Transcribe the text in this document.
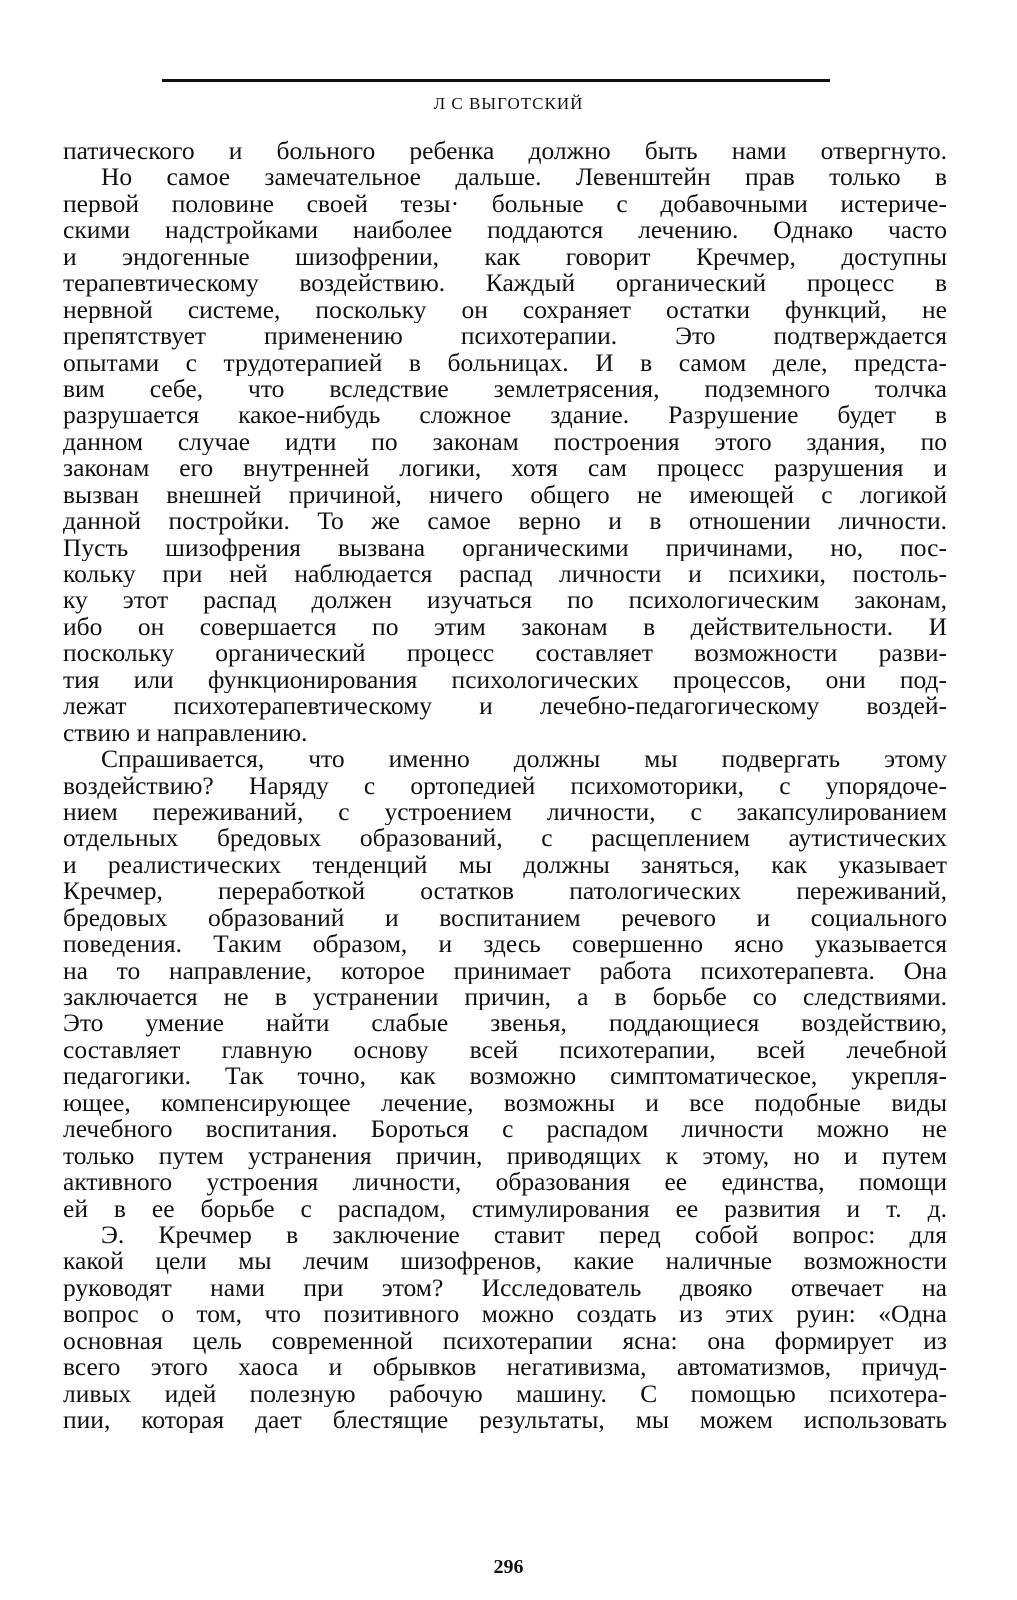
Л С ВЫГОТСКИЙ
патического и больного ребенка должно быть нами отвергнуто.
Но самое замечательное дальше. Левенштейн прав только в
первой половине своей тезы· больные с добавочными истериче-
скими надстройками наиболее поддаются лечению. Однако часто
и эндогенные шизофрении, как говорит Кречмер, доступны
терапевтическому воздействию. Каждый органический процесс в
нервной системе, поскольку он сохраняет остатки функций, не
препятствует применению психотерапии. Это подтверждается
опытами с трудотерапией в больницах. И в самом деле, предста-
вим себе, что вследствие землетрясения, подземного толчка
разрушается какое-нибудь сложное здание. Разрушение будет в
данном случае идти по законам построения этого здания, по
законам его внутренней логики, хотя сам процесс разрушения и
вызван внешней причиной, ничего общего не имеющей с логикой
данной постройки. То же самое верно и в отношении личности.
Пусть шизофрения вызвана органическими причинами, но, пос-
кольку при ней наблюдается распад личности и психики, постоль-
ку этот распад должен изучаться по психологическим законам,
ибо он совершается по этим законам в действительности. И
поскольку органический процесс составляет возможности разви-
тия или функционирования психологических процессов, они под-
лежат психотерапевтическому и лечебно-педагогическому воздей-
ствию и направлению.
Спрашивается, что именно должны мы подвергать этому
воздействию? Наряду с ортопедией психомоторики, с упорядоче-
нием переживаний, с устроением личности, с закапсулированием
отдельных бредовых образований, с расщеплением аутистических
и реалистических тенденций мы должны заняться, как указывает
Кречмер, переработкой остатков патологических переживаний,
бредовых образований и воспитанием речевого и социального
поведения. Таким образом, и здесь совершенно ясно указывается
на то направление, которое принимает работа психотерапевта. Она
заключается не в устранении причин, а в борьбе со следствиями.
Это умение найти слабые звенья, поддающиеся воздействию,
составляет главную основу всей психотерапии, всей лечебной
педагогики. Так точно, как возможно симптоматическое, укрепля-
ющее, компенсирующее лечение, возможны и все подобные виды
лечебного воспитания. Бороться с распадом личности можно не
только путем устранения причин, приводящих к этому, но и путем
активного устроения личности, образования ее единства, помощи
ей в ее борьбе с распадом, стимулирования ее развития и т. д.
Э. Кречмер в заключение ставит перед собой вопрос: для
какой цели мы лечим шизофренов, какие наличные возможности
руководят нами при этом? Исследователь двояко отвечает на
вопрос о том, что позитивного можно создать из этих руин: «Одна
основная цель современной психотерапии ясна: она формирует из
всего этого хаоса и обрывков негативизма, автоматизмов, причуд-
ливых идей полезную рабочую машину. С помощью психотера-
пии, которая дает блестящие результаты, мы можем использовать
296
